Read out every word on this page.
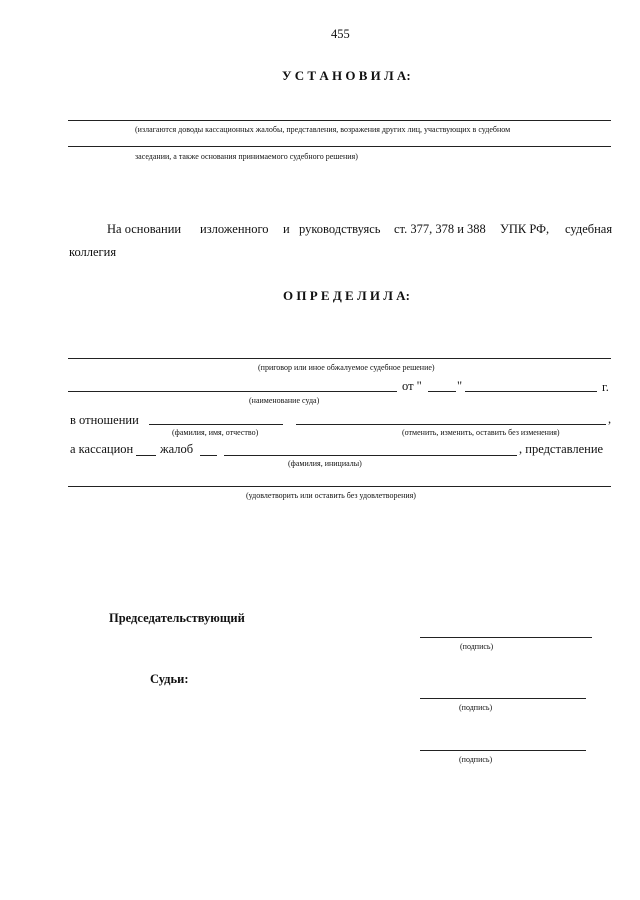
455
У С Т А Н О В И Л А:
(излагаются доводы кассационных жалобы, представления, возражения других лиц, участвующих в судебном
заседании, а также основания принимаемого судебного решения)
На основании изложенного и руководствуясь ст. 377, 378 и 388 УПК РФ, судебная
коллегия
О П Р Е Д Е Л И Л А:
(приговор или иное обжалуемое судебное решение)
от "	"	г.
(наименование суда)
в отношении	,
(фамилия, имя, отчество)	(отменить, изменить, оставить без изменения)
а кассацион жалоб	, представление
(фамилия, инициалы)
(удовлетворить или оставить без удовлетворения)
Председательствующий
(подпись)
Судьи:
(подпись)
(подпись)
